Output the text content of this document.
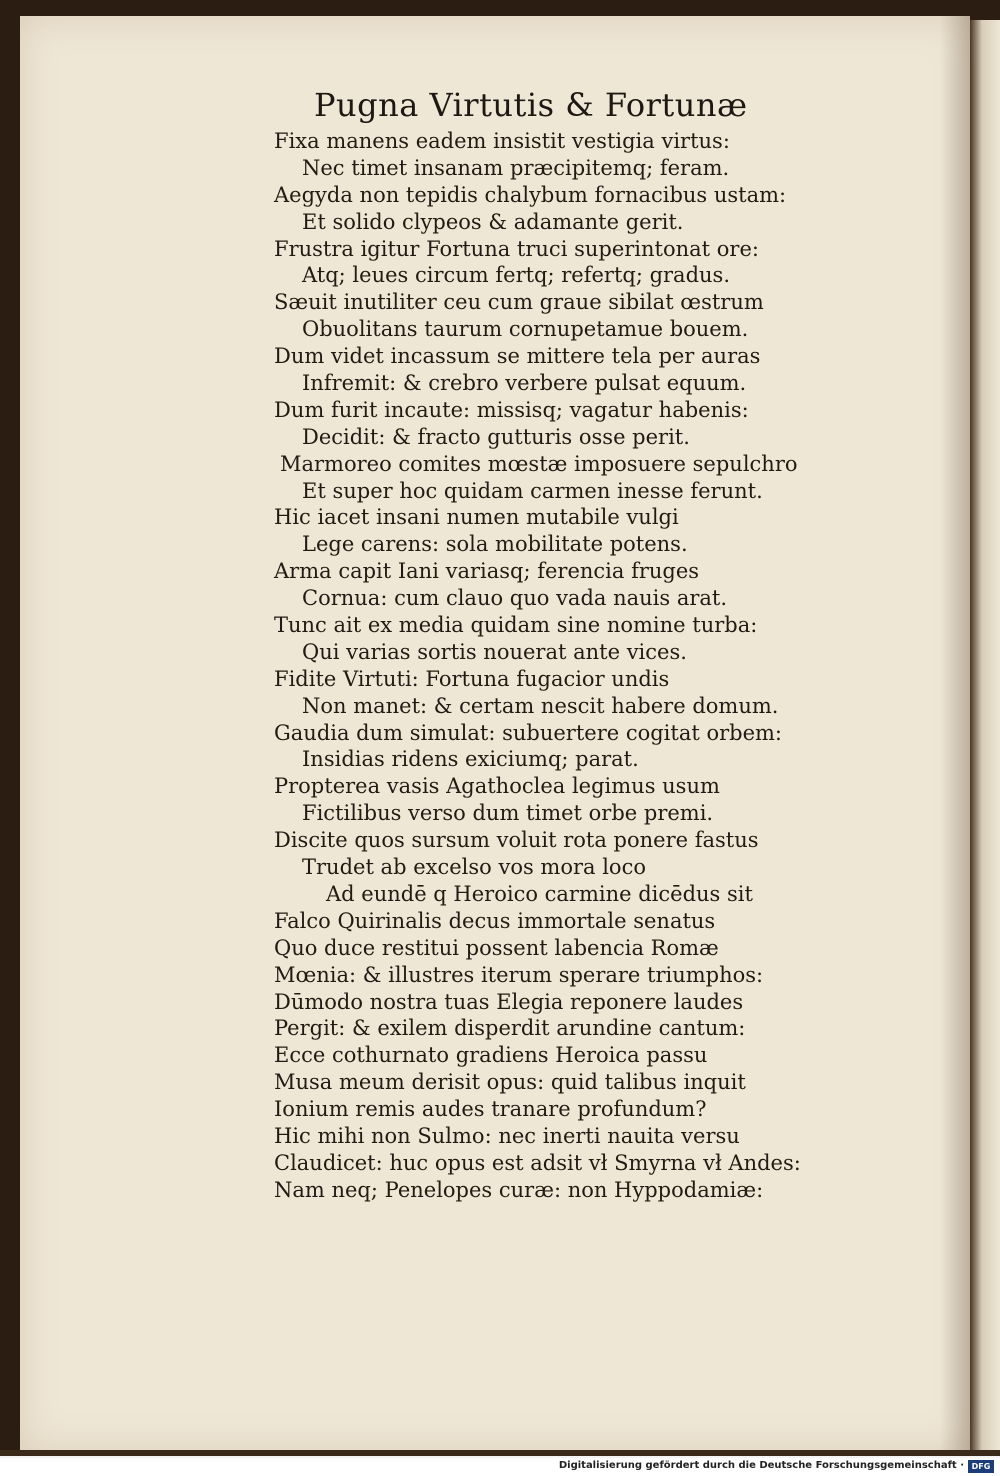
Pugna Virtutis & Fortunæ
Fixa manens eadem insistit vestigia virtus:
Nec timet insanam præcipitemq; feram.
Aegyda non tepidis chalybum fornacibus ustam:
Et solido clypeos & adamante gerit.
Frustra igitur Fortuna truci superintonat ore:
Atq; leues circum fertq; refertq; gradus.
Sæuit inutiliter ceu cum graue sibilat œstrum
Obuolitans taurum cornupetamue bouem.
Dum videt incassum se mittere tela per auras
Infremit: & crebro verbere pulsat equum.
Dum furit incaute: missisq; vagatur habenis:
Decidit: & fracto gutturis osse perit.
Marmoreo comites mœstæ imposuere sepulchro
Et super hoc quidam carmen inesse ferunt.
Hic iacet insani numen mutabile vulgi
Lege carens: sola mobilitate potens.
Arma capit Iani variasq; ferencia fruges
Cornua: cum clauo quo vada nauis arat.
Tunc ait ex media quidam sine nomine turba:
Qui varias sortis nouerat ante vices.
Fidite Virtuti: Fortuna fugacior undis
Non manet: & certam nescit habere domum.
Gaudia dum simulat: subuertere cogitat orbem:
Insidias ridens exiciumq; parat.
Propterea vasis Agathoclea legimus usum
Fictilibus verso dum timet orbe premi.
Discite quos sursum voluit rota ponere fastus
Trudet ab excelso vos mora loco
Ad eundē q Heroico carmine dicēdus sit
Falco Quirinalis decus immortale senatus
Quo duce restitui possent labencia Romæ
Mœnia: & illustres iterum sperare triumphos:
Dūmodo nostra tuas Elegia reponere laudes
Pergit: & exilem disperdit arundine cantum:
Ecce cothurnato gradiens Heroica passu
Musa meum derisit opus: quid talibus inquit
Ionium remis audes tranare profundum?
Hic mihi non Sulmo: nec inerti nauita versu
Claudicet: huc opus est adsit vł Smyrna vł Andes:
Nam neq; Penelopes curæ: non Hyppodamiæ:
Digitalisierung gefördert durch die Deutsche Forschungsgemeinschaft · DFG
